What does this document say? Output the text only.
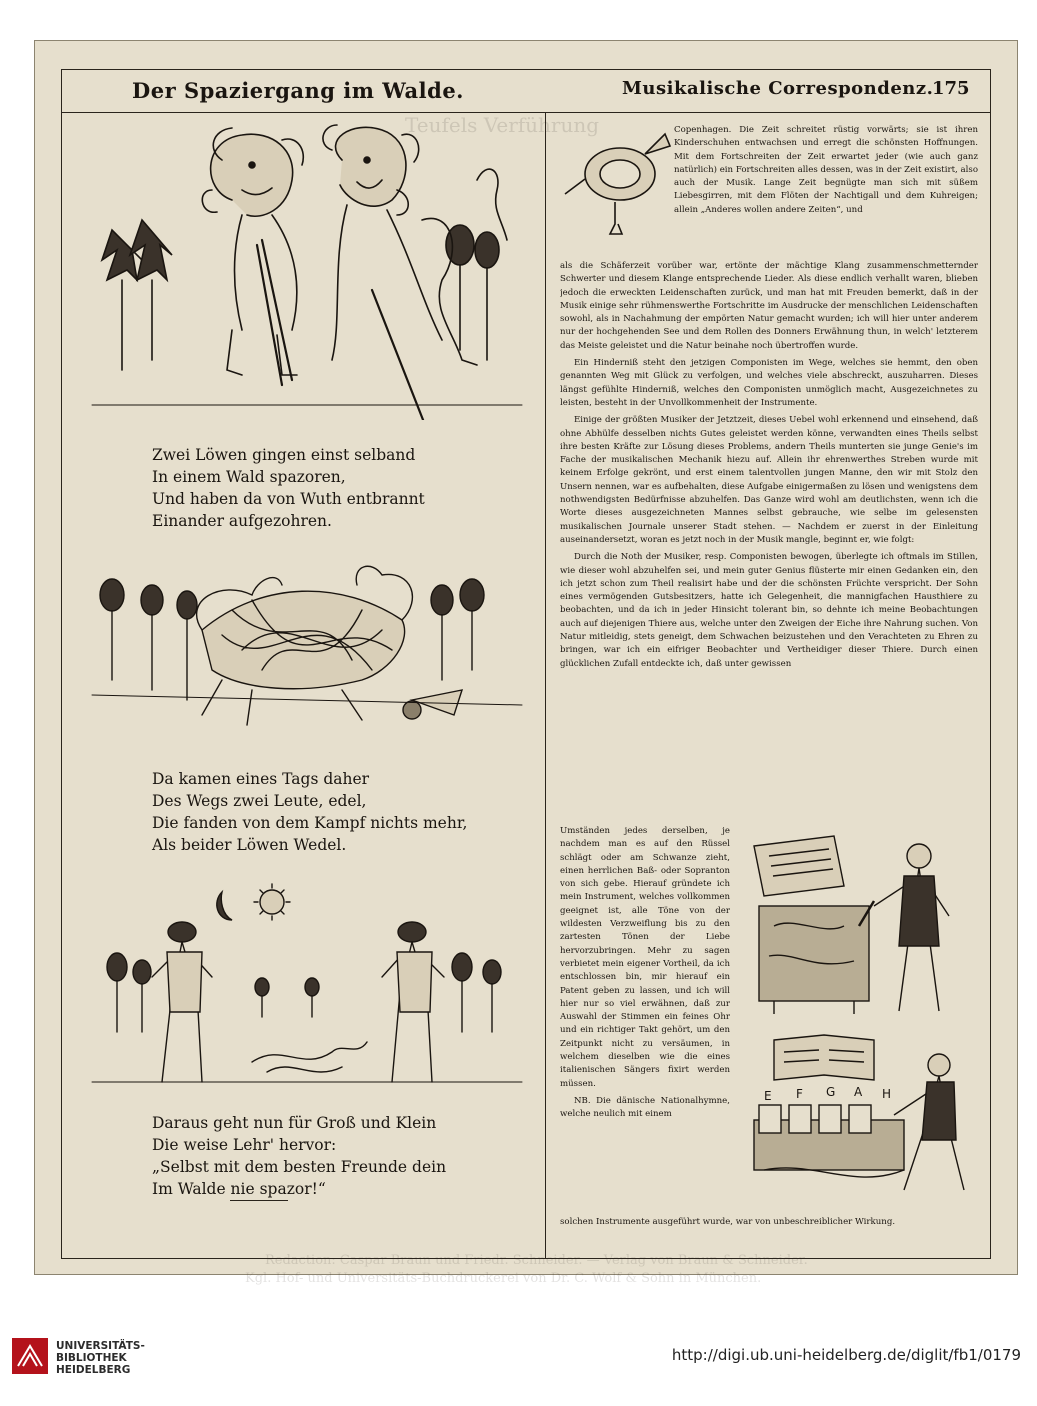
Teufels Verführung
Redaction: Caspar Braun und Friedr. Schneider. — Verlag von Braun & Schneider.
Kgl. Hof- und Universitäts-Buchdruckerei von Dr. C. Wolf & Sohn in München.
Der Spaziergang im Walde.	Musikalische Correspondenz.
175
Zwei Löwen gingen einst selband
In einem Wald spazoren,
Und haben da von Wuth entbrannt
Einander aufgezohren.
Da kamen eines Tags daher
Des Wegs zwei Leute, edel,
Die fanden von dem Kampf nichts mehr,
Als beider Löwen Wedel.
Daraus geht nun für Groß und Klein
Die weise Lehr' hervor:
„Selbst mit dem besten Freunde dein
Im Walde nie spazor!“

Copenhagen. Die Zeit schreitet rüstig vorwärts; sie ist ihren Kinderschuhen entwachsen und erregt die schönsten Hoffnungen. Mit dem Fortschreiten der Zeit erwartet jeder (wie auch ganz natürlich) ein Fortschreiten alles dessen, was in der Zeit existirt, also auch der Musik. Lange Zeit begnügte man sich mit süßem Liebesgirren, mit dem Flöten der Nachtigall und dem Kuhreigen; allein „Anderes wollen andere Zeiten“, und

als die Schäferzeit vorüber war, ertönte der mächtige Klang zusammenschmetternder Schwerter und diesem Klange entsprechende Lieder. Als diese endlich verhallt waren, blieben jedoch die erweckten Leidenschaften zurück, und man hat mit Freuden bemerkt, daß in der Musik einige sehr rühmenswerthe Fortschritte im Ausdrucke der menschlichen Leidenschaften sowohl, als in Nachahmung der empörten Natur gemacht wurden; ich will hier unter anderem nur der hochgehenden See und dem Rollen des Donners Erwähnung thun, in welch' letzterem das Meiste geleistet und die Natur beinahe noch übertroffen wurde.

Ein Hinderniß steht den jetzigen Componisten im Wege, welches sie hemmt, den oben genannten Weg mit Glück zu verfolgen, und welches viele abschreckt, auszuharren. Dieses längst gefühlte Hinderniß, welches den Componisten unmöglich macht, Ausgezeichnetes zu leisten, besteht in der Unvollkommenheit der Instrumente.

Einige der größten Musiker der Jetztzeit, dieses Uebel wohl erkennend und einsehend, daß ohne Abhülfe desselben nichts Gutes geleistet werden könne, verwandten eines Theils selbst ihre besten Kräfte zur Lösung dieses Problems, andern Theils munterten sie junge Genie's im Fache der musikalischen Mechanik hiezu auf. Allein ihr ehrenwerthes Streben wurde mit keinem Erfolge gekrönt, und erst einem talentvollen jungen Manne, den wir mit Stolz den Unsern nennen, war es aufbehalten, diese Aufgabe einigermaßen zu lösen und wenigstens dem nothwendigsten Bedürfnisse abzuhelfen. Das Ganze wird wohl am deutlichsten, wenn ich die Worte dieses ausgezeichneten Mannes selbst gebrauche, wie selbe im gelesensten musikalischen Journale unserer Stadt stehen. — Nachdem er zuerst in der Einleitung auseinandersetzt, woran es jetzt noch in der Musik mangle, beginnt er, wie folgt:

Durch die Noth der Musiker, resp. Componisten bewogen, überlegte ich oftmals im Stillen, wie dieser wohl abzuhelfen sei, und mein guter Genius flüsterte mir einen Gedanken ein, den ich jetzt schon zum Theil realisirt habe und der die schönsten Früchte verspricht. Der Sohn eines vermögenden Gutsbesitzers, hatte ich Gelegenheit, die mannigfachen Hausthiere zu beobachten, und da ich in jeder Hinsicht tolerant bin, so dehnte ich meine Beobachtungen auch auf diejenigen Thiere aus, welche unter den Zweigen der Eiche ihre Nahrung suchen. Von Natur mitleidig, stets geneigt, dem Schwachen beizustehen und den Verachteten zu Ehren zu bringen, war ich ein eifriger Beobachter und Vertheidiger dieser Thiere. Durch einen glücklichen Zufall entdeckte ich, daß unter gewissen

Umständen jedes derselben, je nachdem man es auf den Rüssel schlägt oder am Schwanze zieht, einen herrlichen Baß- oder Sopranton von sich gebe. Hierauf gründete ich mein Instrument, welches vollkommen geeignet ist, alle Töne von der wildesten Verzweiflung bis zu den zartesten Tönen der Liebe hervorzubringen. Mehr zu sagen verbietet mein eigener Vortheil, da ich entschlossen bin, mir hierauf ein Patent geben zu lassen, und ich will hier nur so viel erwähnen, daß zur Auswahl der Stimmen ein feines Ohr und ein richtiger Takt gehört, um den Zeitpunkt nicht zu versäumen, in welchem dieselben wie die eines italienischen Sängers fixirt werden müssen.

NB. Die dänische Nationalhymne, welche neulich mit einem

solchen Instrumente ausgeführt wurde, war von unbeschreiblicher Wirkung.

E F G A H
UNIVERSITÄTS-
BIBLIOTHEK
HEIDELBERG
http://digi.ub.uni-heidelberg.de/diglit/fb1/0179
